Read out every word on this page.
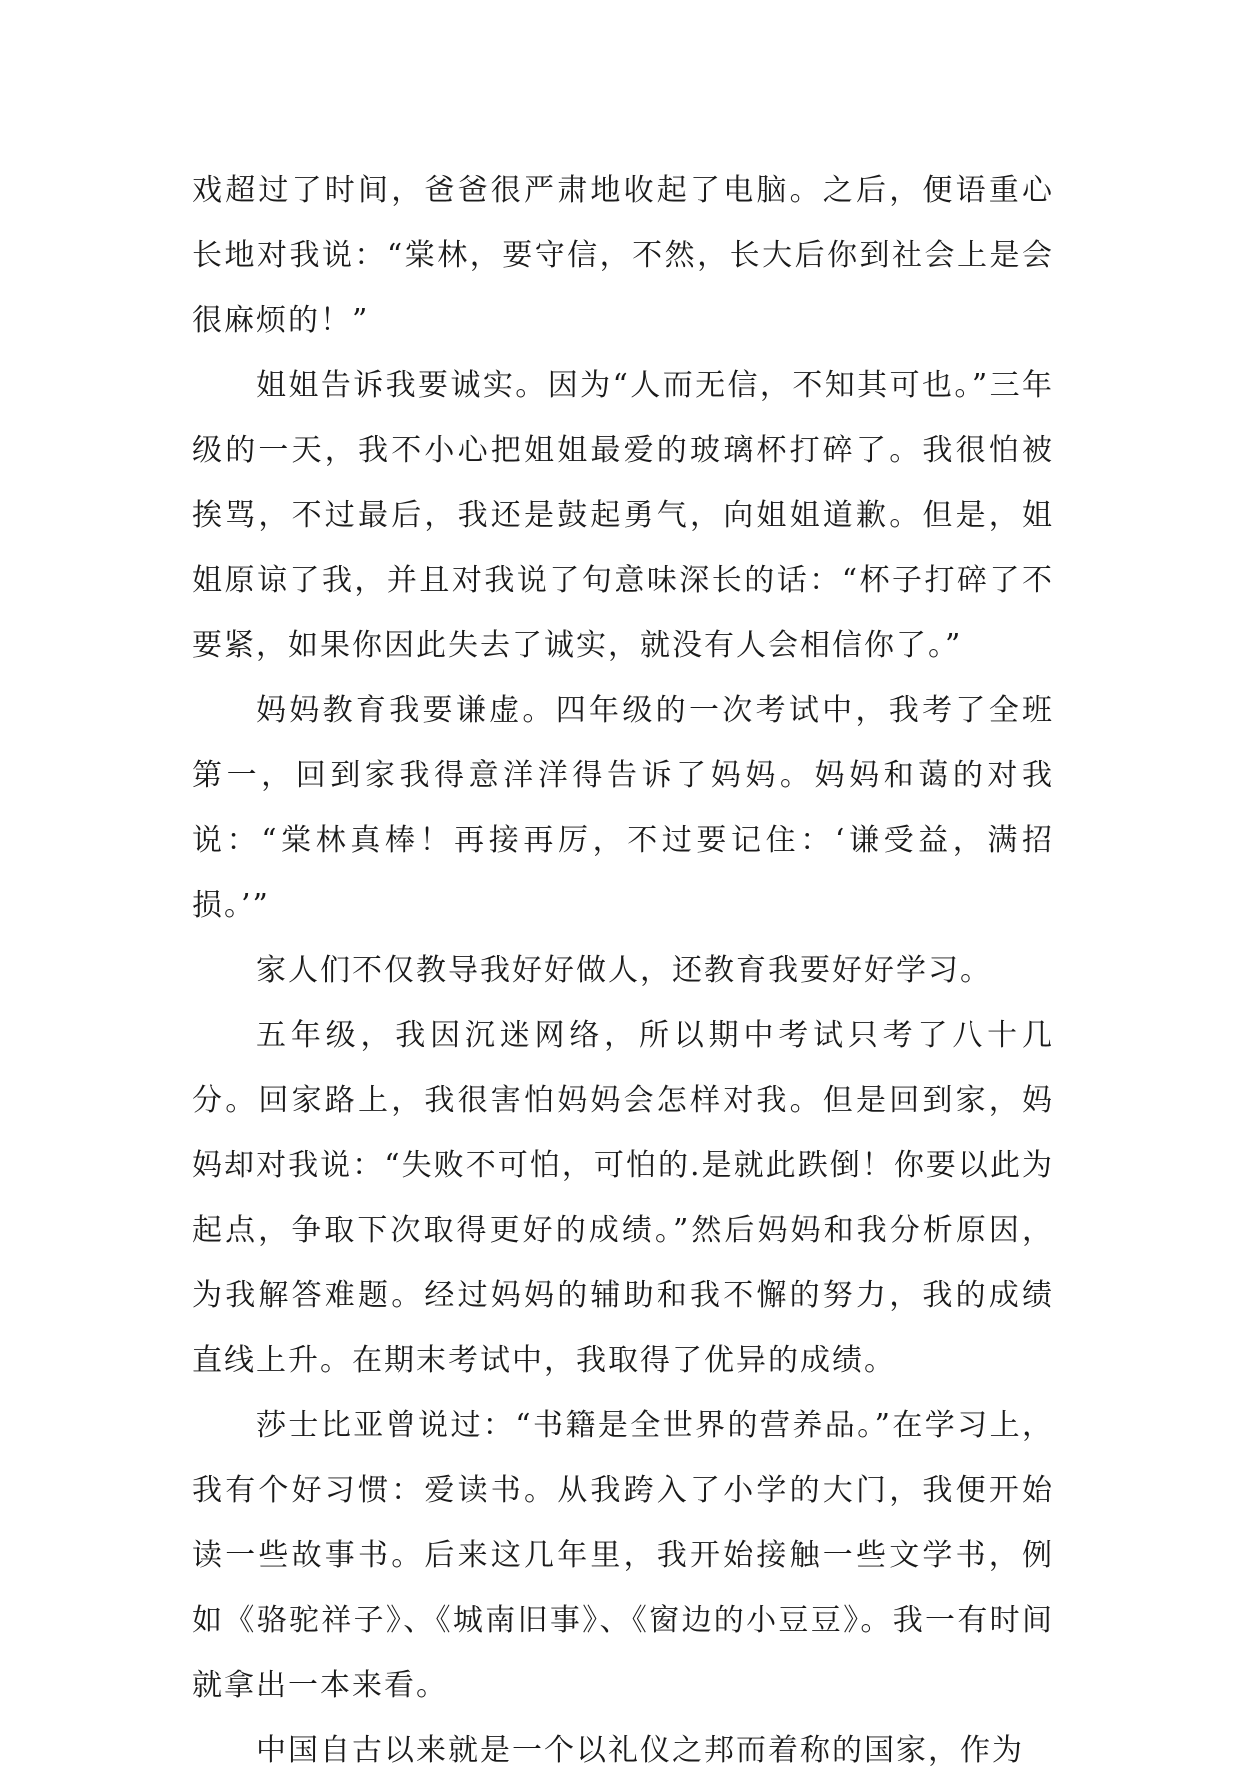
戏超过了时间，爸爸很严肃地收起了电脑。之后，便语重心长地对我说：“棠林，要守信，不然，长大后你到社会上是会很麻烦的！”

姐姐告诉我要诚实。因为“人而无信，不知其可也。”三年级的一天，我不小心把姐姐最爱的玻璃杯打碎了。我很怕被挨骂，不过最后，我还是鼓起勇气，向姐姐道歉。但是，姐姐原谅了我，并且对我说了句意味深长的话：“杯子打碎了不要紧，如果你因此失去了诚实，就没有人会相信你了。”

妈妈教育我要谦虚。四年级的一次考试中，我考了全班第一，回到家我得意洋洋得告诉了妈妈。妈妈和蔼的对我说：“棠林真棒！再接再厉，不过要记住：‘谦受益，满招损。’”

家人们不仅教导我好好做人，还教育我要好好学习。

五年级，我因沉迷网络，所以期中考试只考了八十几分。回家路上，我很害怕妈妈会怎样对我。但是回到家，妈妈却对我说：“失败不可怕，可怕的.是就此跌倒！你要以此为起点，争取下次取得更好的成绩。”然后妈妈和我分析原因，为我解答难题。经过妈妈的辅助和我不懈的努力，我的成绩直线上升。在期末考试中，我取得了优异的成绩。

莎士比亚曾说过：“书籍是全世界的营养品。”在学习上，我有个好习惯：爱读书。从我跨入了小学的大门，我便开始读一些故事书。后来这几年里，我开始接触一些文学书，例如《骆驼祥子》、《城南旧事》、《窗边的小豆豆》。我一有时间就拿出一本来看。

中国自古以来就是一个以礼仪之邦而着称的国家，作为
